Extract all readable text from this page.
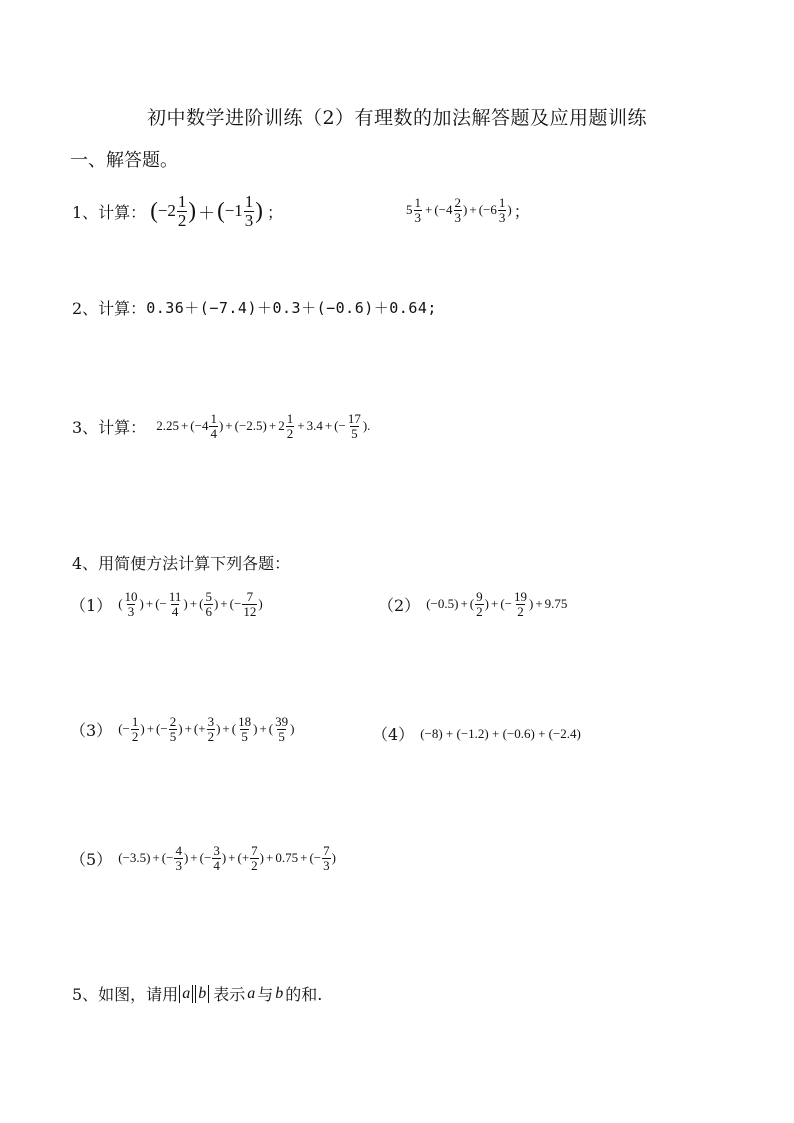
初中数学进阶训练（2）有理数的加法解答题及应用题训练
一、解答题。
1、计算： ( $-2 \frac{1}{2}$ ) ＋ ( $-1 \frac{1}{3}$ ) ；	$5 \frac{1}{3} + (-4 \frac{2}{3}$ ) + ($-6 \frac{1}{3}$ ) ；
2、计算： 0.36＋(−7.4)＋0.3＋(−0.6)＋0.64;
3、计算： $2.25 + (-4 \frac{1}{4}$ ) + $(-2.5) + 2 \frac{1}{2} + 3.4$ + (− $\frac{17}{5}$ ).
4、用简便方法计算下列各题：
（1） ( $\frac{10}{3}$ ) + (− $\frac{11}{4}$ ) + ( $\frac{5}{6}$ ) + (− $\frac{7}{12}$ )	（2） (−0.5) + ( $\frac{9}{2}$ ) + (− $\frac{19}{2}$ ) + 9.75
（3） (− $\frac{1}{2}$ ) + (− $\frac{2}{5}$ ) + (+ $\frac{3}{2}$ ) + ( $\frac{18}{5}$ ) + ( $\frac{39}{5}$ )	（4） (−8) + (−1.2) + (−0.6) + (−2.4)
（5） (−3.5) + (− $\frac{4}{3}$ ) + (− $\frac{3}{4}$ ) + (+ $\frac{7}{2}$ ) + 0.75 + (− $\frac{7}{3}$ )
5、如图，请用 a b 表示 a 与 b 的和.
